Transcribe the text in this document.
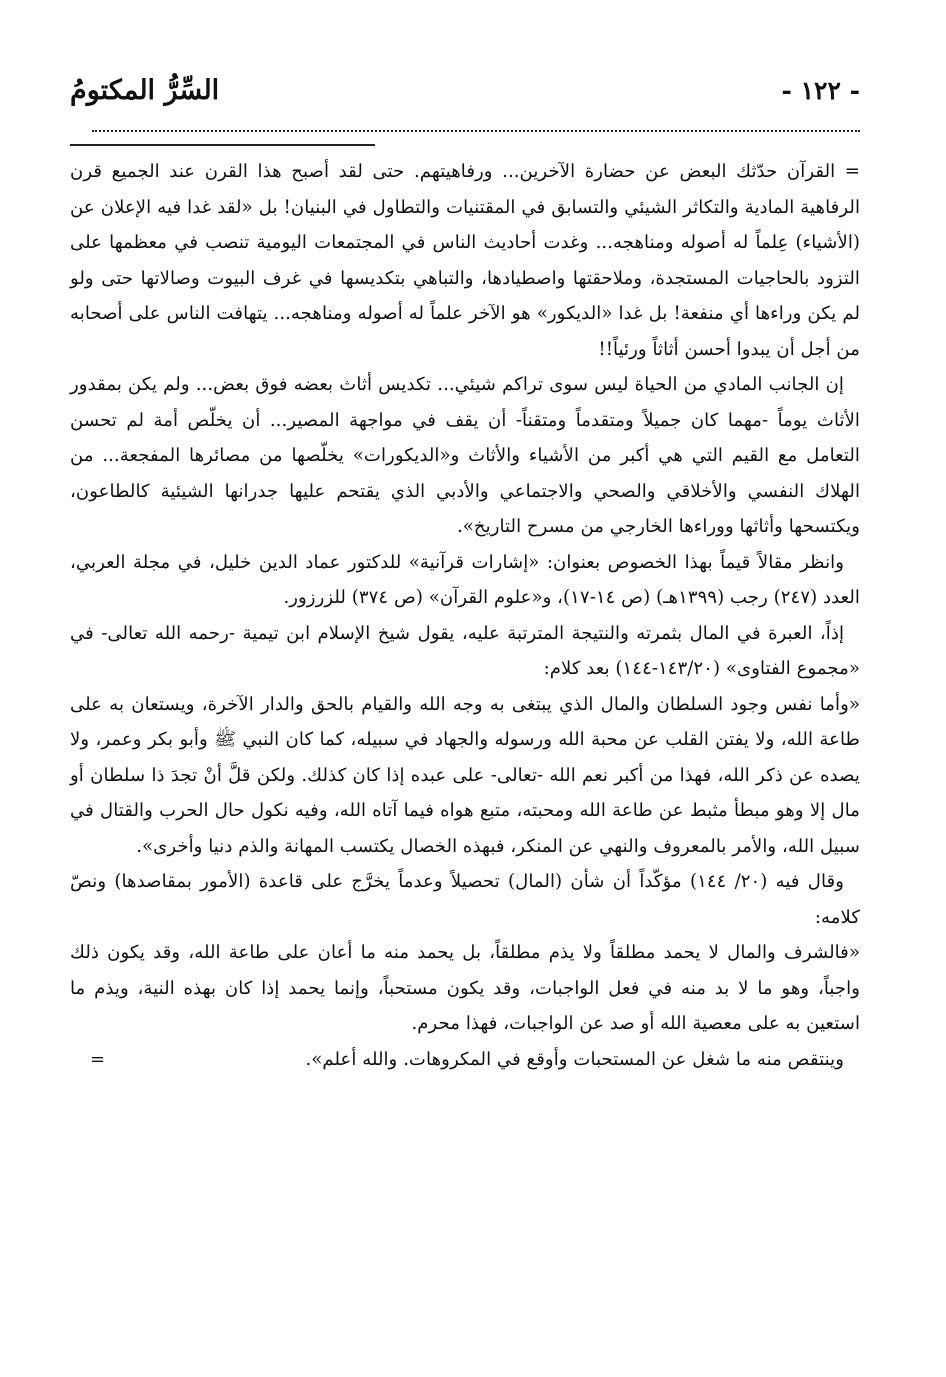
- ١٢٢ -
السِّرُّ المكتومُ

= القرآن حدّثك البعض عن حضارة الآخرين... ورفاهيتهم. حتى لقد أصبح هذا القرن عند الجميع قرن الرفاهية المادية والتكاثر الشيئي والتسابق في المقتنيات والتطاول في البنيان! بل «لقد غدا فيه الإعلان عن (الأشياء) عِلماً له أصوله ومناهجه... وغدت أحاديث الناس في المجتمعات اليومية تنصب في معظمها على التزود بالحاجيات المستجدة، وملاحقتها واصطيادها، والتباهي بتكديسها في غرف البيوت وصالاتها حتى ولو لم يكن وراءها أي منفعة! بل غدا «الديكور» هو الآخر علماً له أصوله ومناهجه... يتهافت الناس على أصحابه من أجل أن يبدوا أحسن أثاثاً ورئياً!!

إن الجانب المادي من الحياة ليس سوى تراكم شيئي... تكديس أثاث بعضه فوق بعض... ولم يكن بمقدور الأثاث يوماً -مهما كان جميلاً ومتقدماً ومتقناً- أن يقف في مواجهة المصير... أن يخلّص أمة لم تحسن التعامل مع القيم التي هي أكبر من الأشياء والأثاث و«الديكورات» يخلّصها من مصائرها المفجعة... من الهلاك النفسي والأخلاقي والصحي والاجتماعي والأدبي الذي يقتحم عليها جدرانها الشيئية كالطاعون، ويكتسحها وأثاثها ووراءها الخارجي من مسرح التاريخ».

وانظر مقالاً قيماً بهذا الخصوص بعنوان: «إشارات قرآنية» للدكتور عماد الدين خليل، في مجلة العربي، العدد (٢٤٧) رجب (١٣٩٩هـ) (ص ١٤-١٧)، و«علوم القرآن» (ص ٣٧٤) للزرزور.

إذاً، العبرة في المال بثمرته والنتيجة المترتبة عليه، يقول شيخ الإسلام ابن تيمية -رحمه الله تعالى- في «مجموع الفتاوى» (١٤٣/٢٠-١٤٤) بعد كلام:

«وأما نفس وجود السلطان والمال الذي يبتغى به وجه الله والقيام بالحق والدار الآخرة، ويستعان به على طاعة الله، ولا يفتن القلب عن محبة الله ورسوله والجهاد في سبيله، كما كان النبي ﷺ وأبو بكر وعمر، ولا يصده عن ذكر الله، فهذا من أكبر نعم الله -تعالى- على عبده إذا كان كذلك. ولكن قلَّ أنْ تجدَ ذا سلطان أو مال إلا وهو مبطأ مثبط عن طاعة الله ومحبته، متبع هواه فيما آتاه الله، وفيه نكول حال الحرب والقتال في سبيل الله، والأمر بالمعروف والنهي عن المنكر، فبهذه الخصال يكتسب المهانة والذم دنيا وأخرى».

وقال فيه (٢٠/ ١٤٤) مؤكّداً أن شأن (المال) تحصيلاً وعدماً يخرَّج على قاعدة (الأمور بمقاصدها) ونصّ كلامه:

«فالشرف والمال لا يحمد مطلقاً ولا يذم مطلقاً، بل يحمد منه ما أعان على طاعة الله، وقد يكون ذلك واجباً، وهو ما لا بد منه في فعل الواجبات، وقد يكون مستحباً، وإنما يحمد إذا كان بهذه النية، ويذم ما استعين به على معصية الله أو صد عن الواجبات، فهذا محرم.

وينتقص منه ما شغل عن المستحبات وأوقع في المكروهات. والله أعلم».
=
